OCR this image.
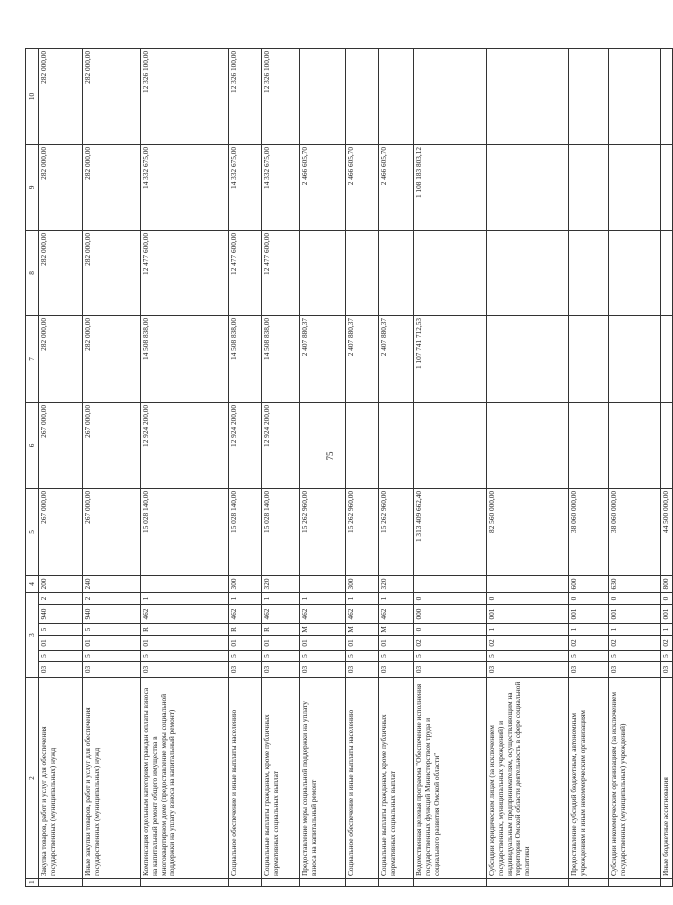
75
1	2	3						4	5	6	7	8	9	10
	Закупка товаров, работ и услуг для обеспечения государственных (муниципальных) нужд	03	5	01	5	940	2	200	267 000,00	267 000,00	282 000,00	282 000,00	282 000,00	282 000,00
	Иные закупки товаров, работ и услуг для обеспечения государственных (муниципальных) нужд	03	5	01	5	940	2	240	267 000,00	267 000,00	282 000,00	282 000,00	282 000,00	282 000,00
	Компенсация отдельным категориям граждан оплаты взноса на капитальный ремонт общего имущества в многоквартирном доме (предоставление меры социальной поддержки на уплату взноса на капитальный ремонт)	03	5	01	R	462	1		15 028 140,00	12 924 200,00	14 508 838,00	12 477 600,00	14 332 675,00	12 326 100,00
	Социальное обеспечение и иные выплаты населению	03	5	01	R	462	1	300	15 028 140,00	12 924 200,00	14 508 838,00	12 477 600,00	14 332 675,00	12 326 100,00
	Социальные выплаты гражданам, кроме публичных нормативных социальных выплат	03	5	01	R	462	1	320	15 028 140,00	12 924 200,00	14 508 838,00	12 477 600,00	14 332 675,00	12 326 100,00
	Предоставление меры социальной поддержки на уплату взноса на капитальный ремонт	03	5	01	M	462	1		15 262 960,00		2 407 880,37		2 466 605,70	
	Социальное обеспечение и иные выплаты населению	03	5	01	M	462	1	300	15 262 960,00		2 407 880,37		2 466 605,70	
	Социальные выплаты гражданам, кроме публичных нормативных социальных выплат	03	5	01	M	462	1	320	15 262 960,00		2 407 880,37		2 466 605,70	
	Ведомственная целевая программа "Обеспечение исполнения государственных функций Министерством труда и социального развития Омской области"	03	5	02	0	000	0		1 313 409 662,40		1 107 741 712,53		1 108 183 803,12	
	Субсидии юридическим лицам (за исключением государственных, муниципальных учреждений) и индивидуальным предпринимателям, осуществляющим на территории Омской области деятельность в сфере социальной политики	03	5	02	1	001	0		82 560 000,00					
	Предоставление субсидий бюджетным, автономным учреждениям и иным некоммерческим организациям	03	5	02	1	001	0	600	38 060 000,00					
	Субсидии некоммерческим организациям (за исключением государственных (муниципальных) учреждений)	03	5	02	1	001	0	630	38 060 000,00					
	Иные бюджетные ассигнования	03	5	02	1	001	0	800	44 500 000,00					
